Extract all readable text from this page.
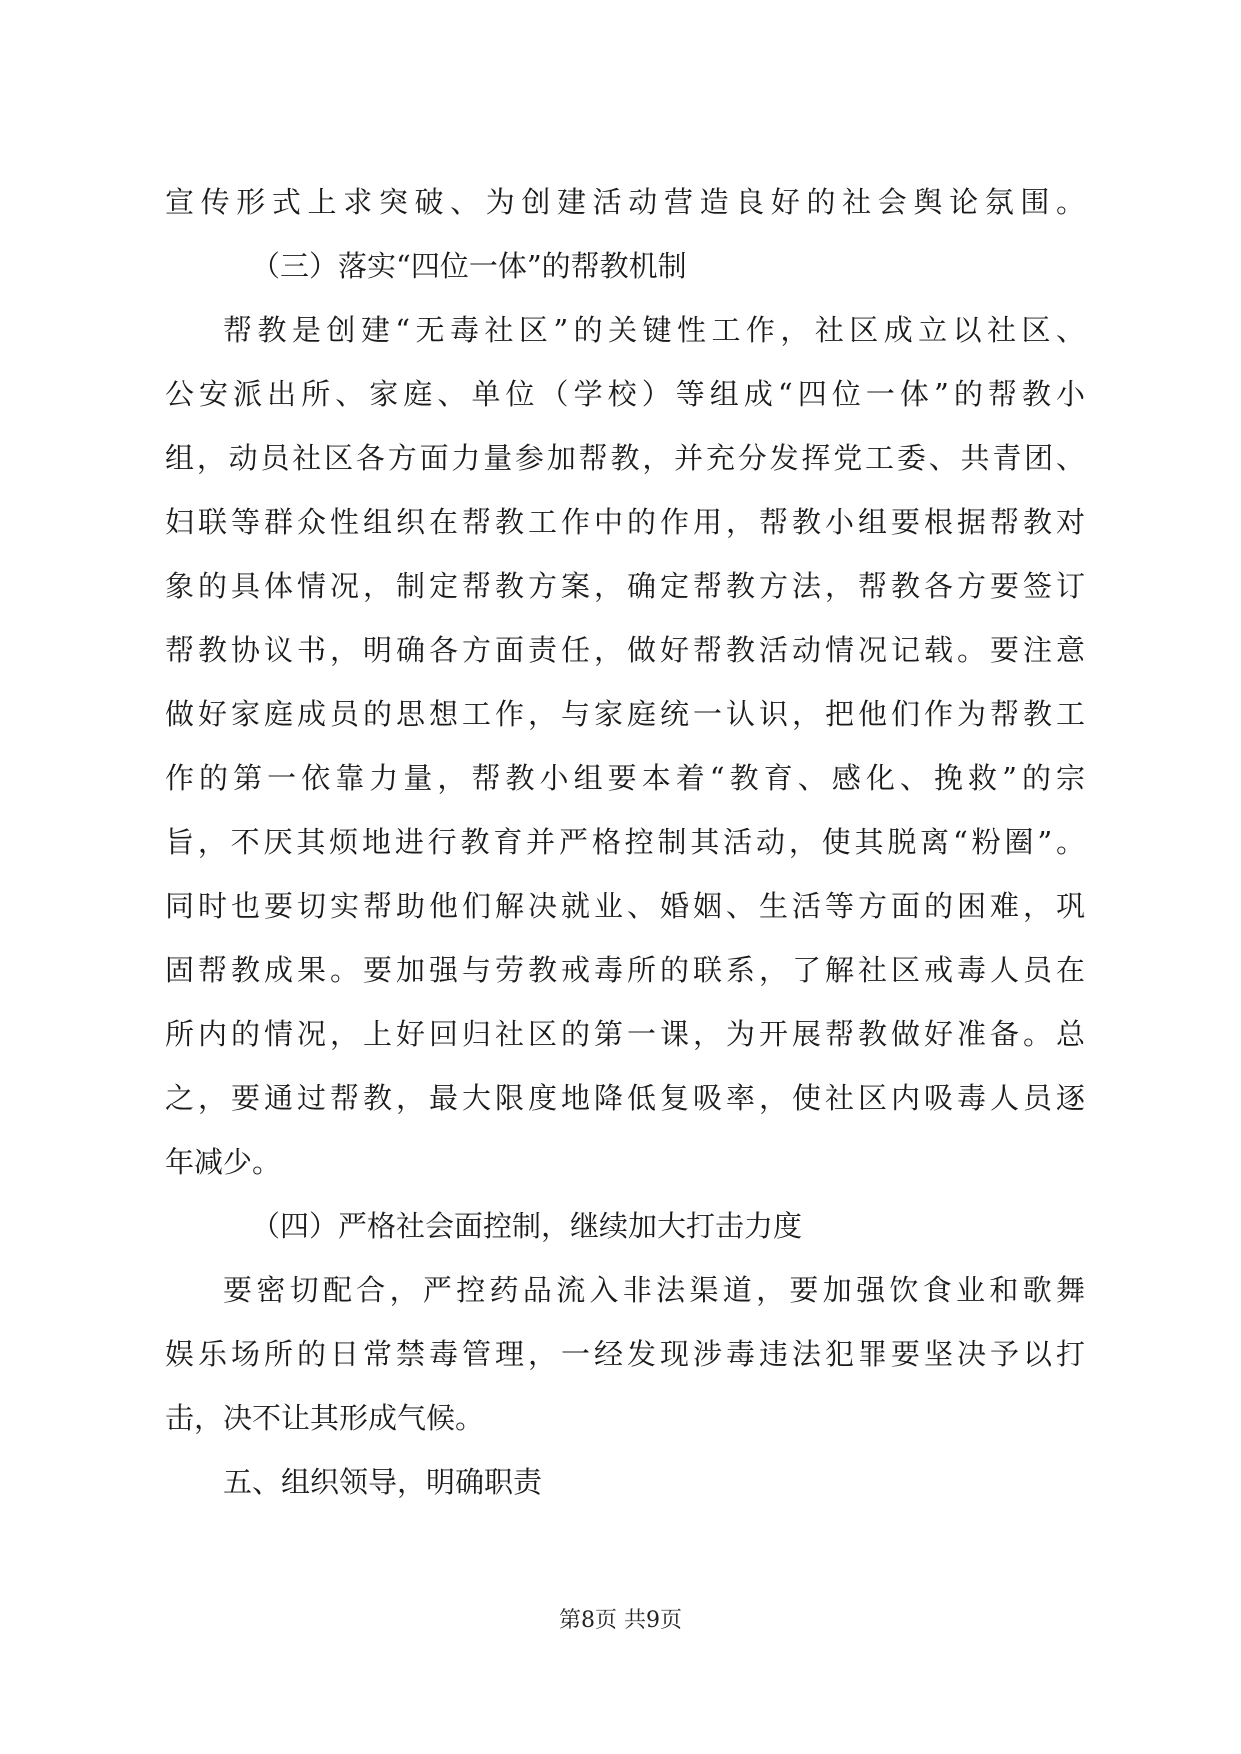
宣传形式上求突破、为创建活动营造良好的社会舆论氛围。
（三）落实“四位一体”的帮教机制
帮教是创建“无毒社区”的关键性工作，社区成立以社区、
公安派出所、家庭、单位（学校）等组成“四位一体”的帮教小
组，动员社区各方面力量参加帮教，并充分发挥党工委、共青团、
妇联等群众性组织在帮教工作中的作用，帮教小组要根据帮教对
象的具体情况，制定帮教方案，确定帮教方法，帮教各方要签订
帮教协议书，明确各方面责任，做好帮教活动情况记载。要注意
做好家庭成员的思想工作，与家庭统一认识，把他们作为帮教工
作的第一依靠力量，帮教小组要本着“教育、感化、挽救”的宗
旨，不厌其烦地进行教育并严格控制其活动，使其脱离“粉圈”。
同时也要切实帮助他们解决就业、婚姻、生活等方面的困难，巩
固帮教成果。要加强与劳教戒毒所的联系，了解社区戒毒人员在
所内的情况，上好回归社区的第一课，为开展帮教做好准备。总
之，要通过帮教，最大限度地降低复吸率，使社区内吸毒人员逐
年减少。
（四）严格社会面控制，继续加大打击力度
要密切配合，严控药品流入非法渠道，要加强饮食业和歌舞
娱乐场所的日常禁毒管理，一经发现涉毒违法犯罪要坚决予以打
击，决不让其形成气候。
五、组织领导，明确职责
第8页 共9页
